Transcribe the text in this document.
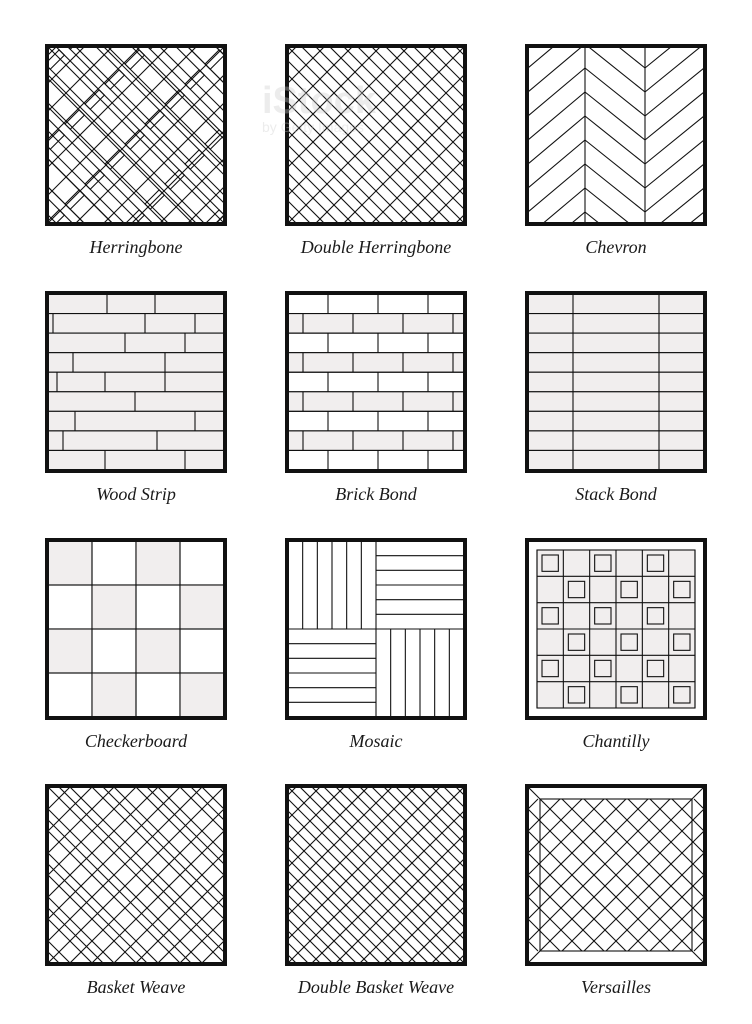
Herringbone	Double Herringbone	Chevron
Wood Strip	Brick Bond	Stack Bond
Checkerboard	Mosaic	Chantilly
Basket Weave	Double Basket Weave	Versailles
iStock
by Getty Images
